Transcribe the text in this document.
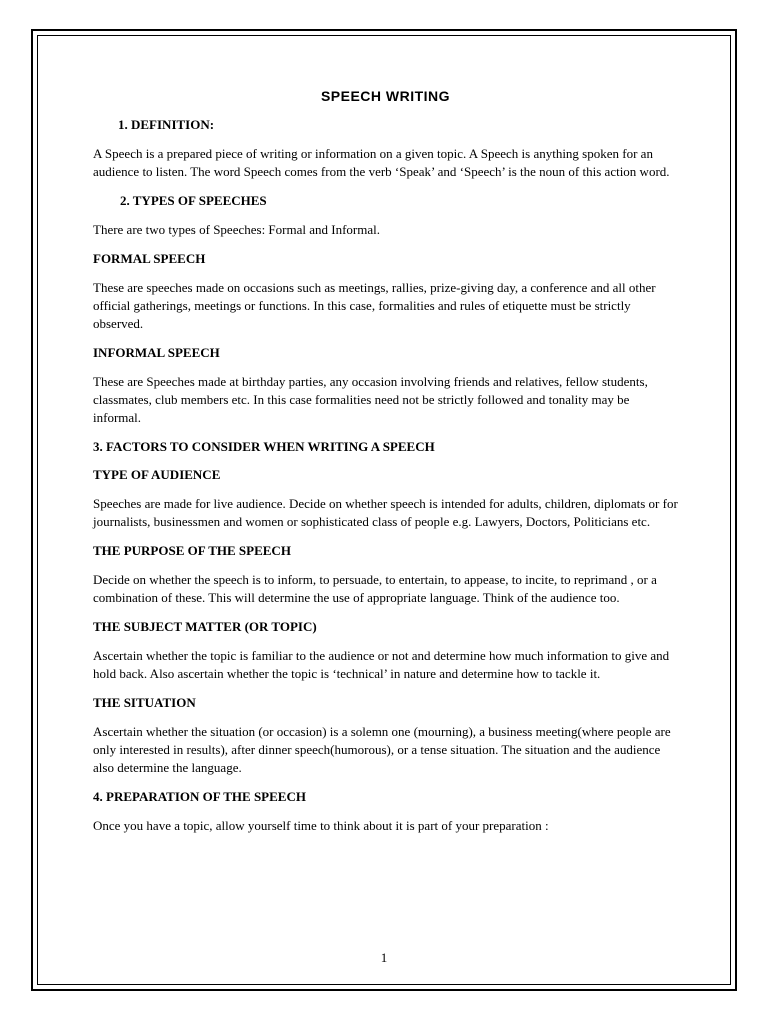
SPEECH WRITING
1. DEFINITION:

A Speech is a prepared piece of writing or information on a given topic. A Speech is anything spoken for an audience to listen. The word Speech comes from the verb ‘Speak’ and ‘Speech’ is the noun of this action word.

2. TYPES OF SPEECHES

There are two types of Speeches: Formal and Informal.

FORMAL SPEECH

These are speeches made on occasions such as meetings, rallies, prize-giving day, a conference and all other official gatherings, meetings or functions. In this case, formalities and rules of etiquette must be strictly observed.

INFORMAL SPEECH

These are Speeches made at birthday parties, any occasion involving friends and relatives, fellow students, classmates, club members etc. In this case formalities need not be strictly followed and tonality may be informal.

3. FACTORS TO CONSIDER WHEN WRITING A SPEECH
TYPE OF AUDIENCE

Speeches are made for live audience. Decide on whether speech is intended for adults, children, diplomats or for journalists, businessmen and women or sophisticated class of people e.g. Lawyers, Doctors, Politicians etc.

THE PURPOSE OF THE SPEECH

Decide on whether the speech is to inform, to persuade, to entertain, to appease, to incite, to reprimand , or a combination of these. This will determine the use of appropriate language. Think of the audience too.

THE SUBJECT MATTER (OR TOPIC)

Ascertain whether the topic is familiar to the audience or not and determine how much information to give and hold back. Also ascertain whether the topic is ‘technical’ in nature and determine how to tackle it.

THE SITUATION

Ascertain whether the situation (or occasion) is a solemn one (mourning), a business meeting(where people are only interested in results), after dinner speech(humorous), or a tense situation. The situation and the audience also determine the language.

4. PREPARATION OF THE SPEECH

Once you have a topic, allow yourself time to think about it is part of your preparation :

1
